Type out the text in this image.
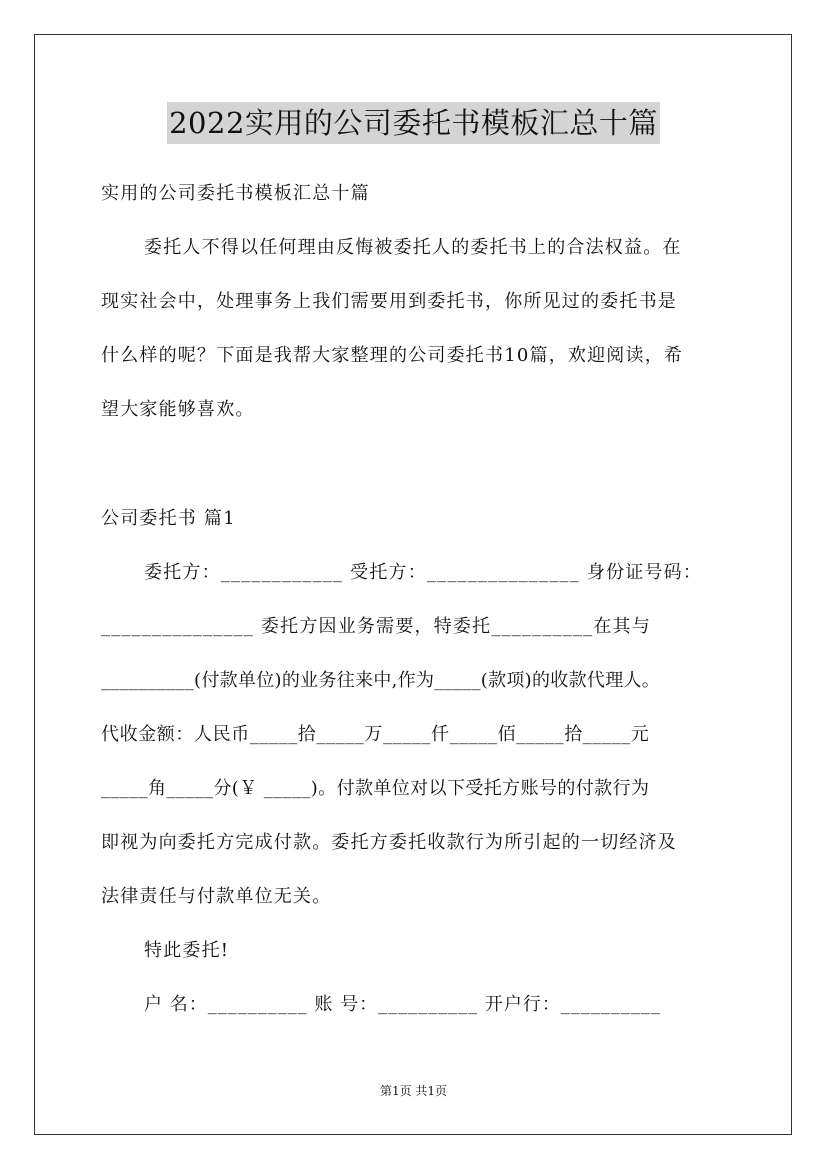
2022实用的公司委托书模板汇总十篇
实用的公司委托书模板汇总十篇
委托人不得以任何理由反悔被委托人的委托书上的合法权益。在
现实社会中，处理事务上我们需要用到委托书，你所见过的委托书是
什么样的呢？下面是我帮大家整理的公司委托书10篇，欢迎阅读，希
望大家能够喜欢。
公司委托书 篇1
委托方：____________ 受托方：_______________ 身份证号码：
_______________ 委托方因业务需要，特委托__________在其与
__________(付款单位)的业务往来中,作为_____(款项)的收款代理人。
代收金额：人民币_____拾_____万_____仟_____佰_____拾_____元
_____角_____分(￥ _____)。付款单位对以下受托方账号的付款行为
即视为向委托方完成付款。委托方委托收款行为所引起的一切经济及
法律责任与付款单位无关。
特此委托!
户 名：__________ 账 号：__________ 开户行：__________
第1页 共1页
